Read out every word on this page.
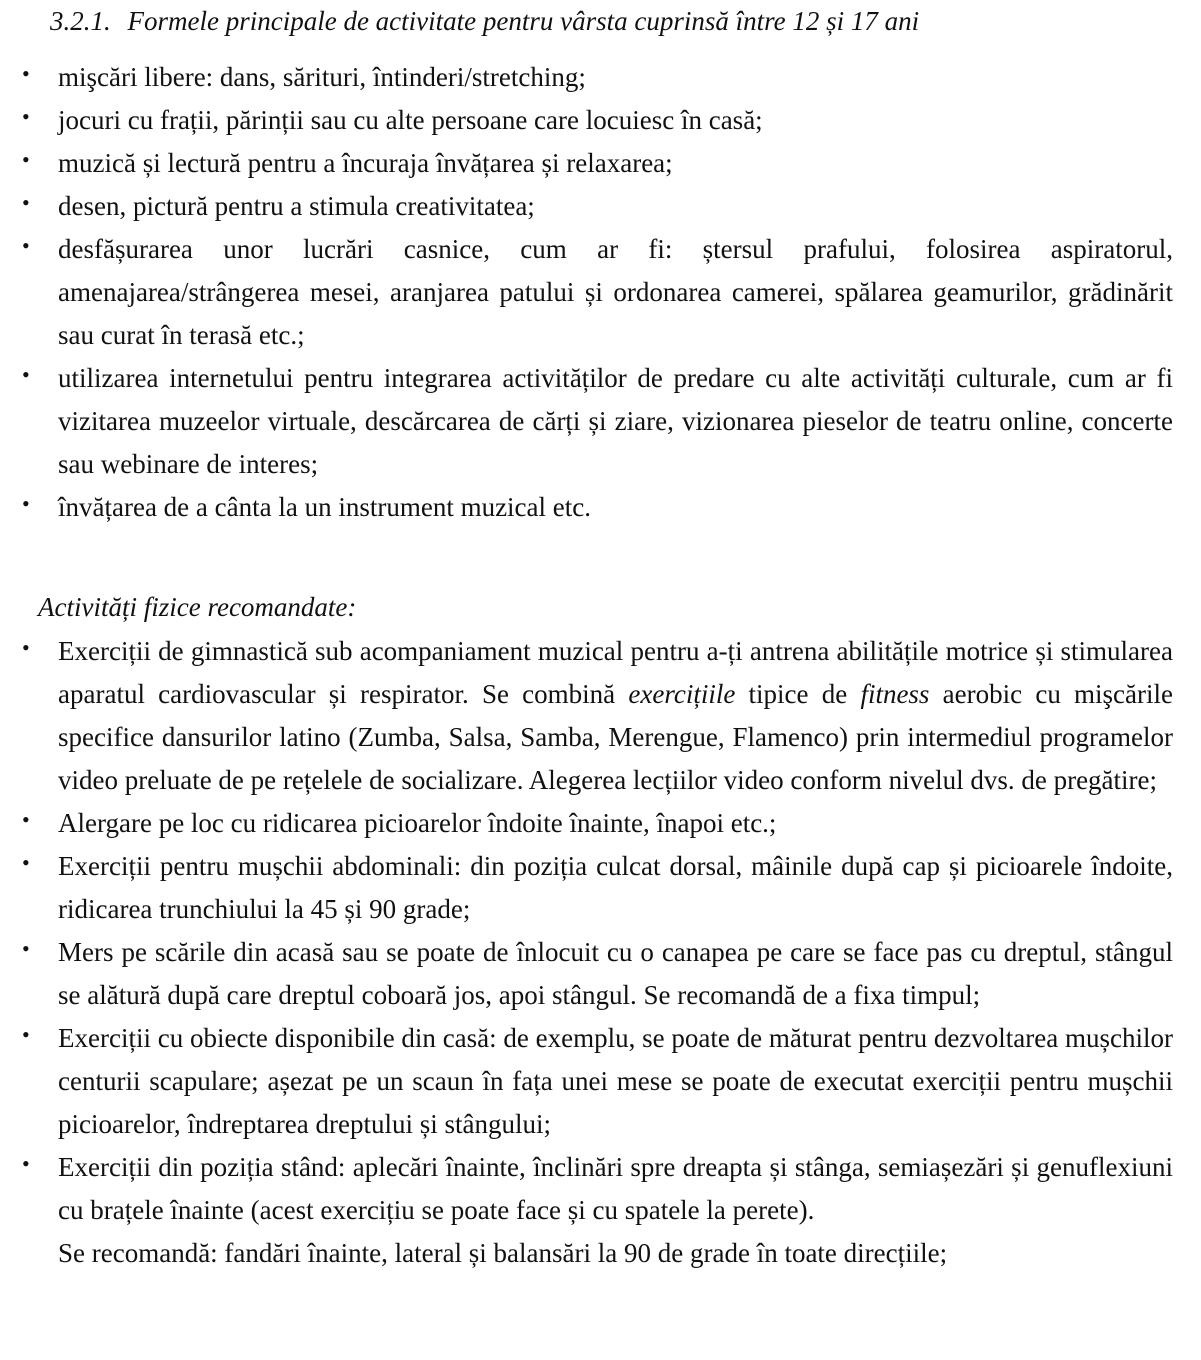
3.2.1. Formele principale de activitate pentru vârsta cuprinsă între 12 și 17 ani
• mişcări libere: dans, sărituri, întinderi/stretching;
• jocuri cu frații, părinții sau cu alte persoane care locuiesc în casă;
• muzică și lectură pentru a încuraja învățarea și relaxarea;
• desen, pictură pentru a stimula creativitatea;
• desfășurarea unor lucrări casnice, cum ar fi: ștersul prafului, folosirea aspiratorul, amenajarea/strângerea mesei, aranjarea patului și ordonarea camerei, spălarea geamurilor, grădinărit sau curat în terasă etc.;
• utilizarea internetului pentru integrarea activităților de predare cu alte activități culturale, cum ar fi vizitarea muzeelor virtuale, descărcarea de cărți și ziare, vizionarea pieselor de teatru online, concerte sau webinare de interes;
• învățarea de a cânta la un instrument muzical etc.

Activități fizice recomandate:

• Exerciții de gimnastică sub acompaniament muzical pentru a-ți antrena abilitățile motrice și stimularea aparatul cardiovascular și respirator. Se combină exercițiile tipice de fitness aerobic cu mişcările specifice dansurilor latino (Zumba, Salsa, Samba, Merengue, Flamenco) prin intermediul programelor video preluate de pe rețelele de socializare. Alegerea lecțiilor video conform nivelul dvs. de pregătire;
• Alergare pe loc cu ridicarea picioarelor îndoite înainte, înapoi etc.;
• Exerciții pentru mușchii abdominali: din poziția culcat dorsal, mâinile după cap și picioarele îndoite, ridicarea trunchiului la 45 și 90 grade;
• Mers pe scările din acasă sau se poate de înlocuit cu o canapea pe care se face pas cu dreptul, stângul se alătură după care dreptul coboară jos, apoi stângul. Se recomandă de a fixa timpul;
• Exerciții cu obiecte disponibile din casă: de exemplu, se poate de măturat pentru dezvoltarea mușchilor centurii scapulare; așezat pe un scaun în fața unei mese se poate de executat exerciții pentru mușchii picioarelor, îndreptarea dreptului și stângului;
• Exerciții din poziția stând: aplecări înainte, înclinări spre dreapta și stânga, semiașezări și genuflexiuni cu brațele înainte (acest exercițiu se poate face și cu spatele la perete).
Se recomandă: fandări înainte, lateral și balansări la 90 de grade în toate direcțiile;
